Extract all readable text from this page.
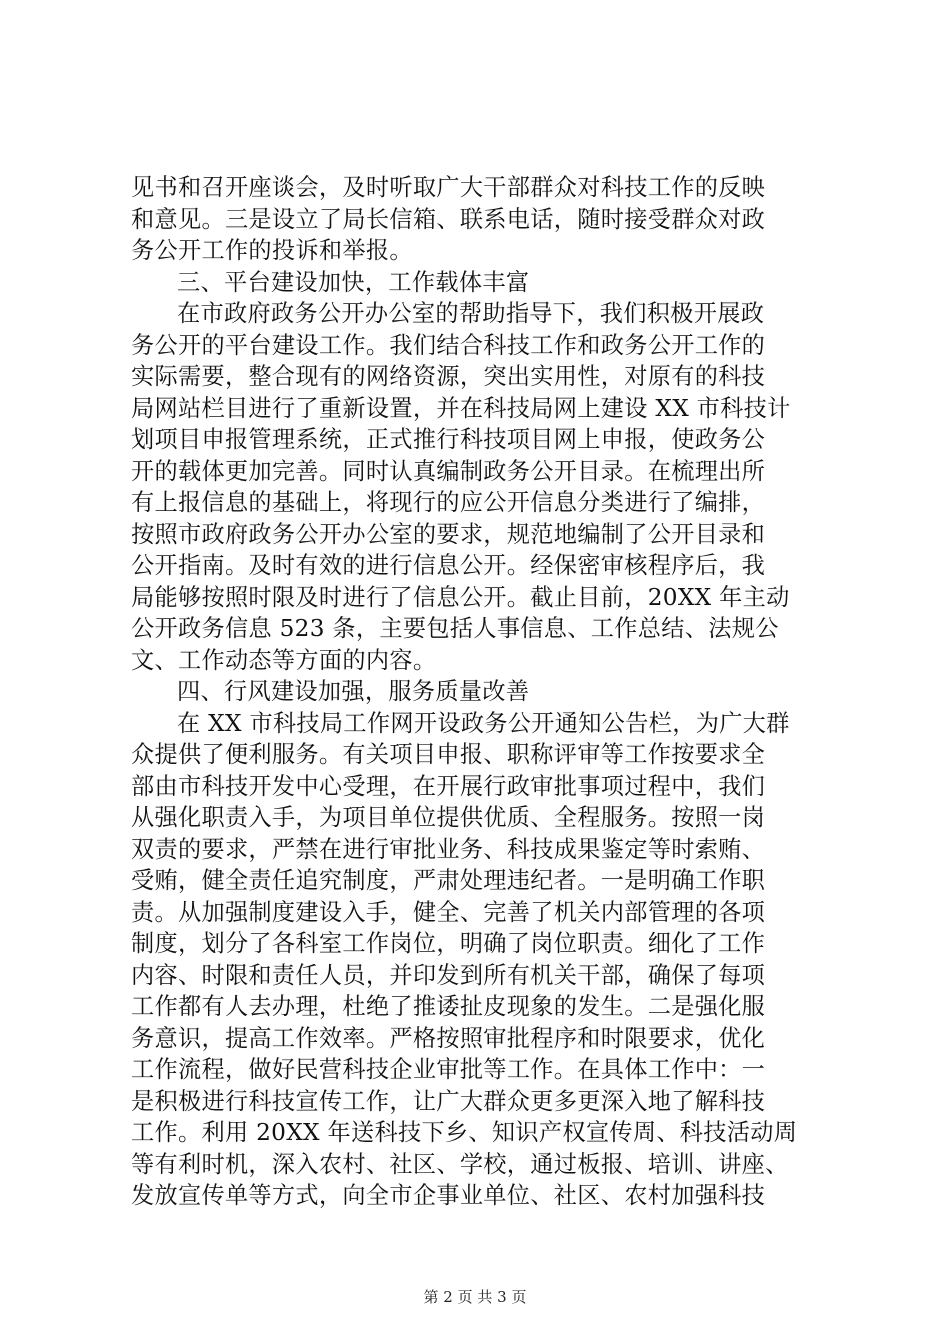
见书和召开座谈会，及时听取广大干部群众对科技工作的反映
和意见。三是设立了局长信箱、联系电话，随时接受群众对政
务公开工作的投诉和举报。
三、平台建设加快，工作载体丰富
在市政府政务公开办公室的帮助指导下，我们积极开展政
务公开的平台建设工作。我们结合科技工作和政务公开工作的
实际需要，整合现有的网络资源，突出实用性，对原有的科技
局网站栏目进行了重新设置，并在科技局网上建设 XX 市科技计
划项目申报管理系统，正式推行科技项目网上申报，使政务公
开的载体更加完善。同时认真编制政务公开目录。在梳理出所
有上报信息的基础上，将现行的应公开信息分类进行了编排，
按照市政府政务公开办公室的要求，规范地编制了公开目录和
公开指南。及时有效的进行信息公开。经保密审核程序后，我
局能够按照时限及时进行了信息公开。截止目前，20XX 年主动
公开政务信息 523 条，主要包括人事信息、工作总结、法规公
文、工作动态等方面的内容。
四、行风建设加强，服务质量改善
在 XX 市科技局工作网开设政务公开通知公告栏，为广大群
众提供了便利服务。有关项目申报、职称评审等工作按要求全
部由市科技开发中心受理，在开展行政审批事项过程中，我们
从强化职责入手，为项目单位提供优质、全程服务。按照一岗
双责的要求，严禁在进行审批业务、科技成果鉴定等时索贿、
受贿，健全责任追究制度，严肃处理违纪者。一是明确工作职
责。从加强制度建设入手，健全、完善了机关内部管理的各项
制度，划分了各科室工作岗位，明确了岗位职责。细化了工作
内容、时限和责任人员，并印发到所有机关干部，确保了每项
工作都有人去办理，杜绝了推诿扯皮现象的发生。二是强化服
务意识，提高工作效率。严格按照审批程序和时限要求，优化
工作流程，做好民营科技企业审批等工作。在具体工作中：一
是积极进行科技宣传工作，让广大群众更多更深入地了解科技
工作。利用 20XX 年送科技下乡、知识产权宣传周、科技活动周
等有利时机，深入农村、社区、学校，通过板报、培训、讲座、
发放宣传单等方式，向全市企事业单位、社区、农村加强科技
第 2 页 共 3 页
